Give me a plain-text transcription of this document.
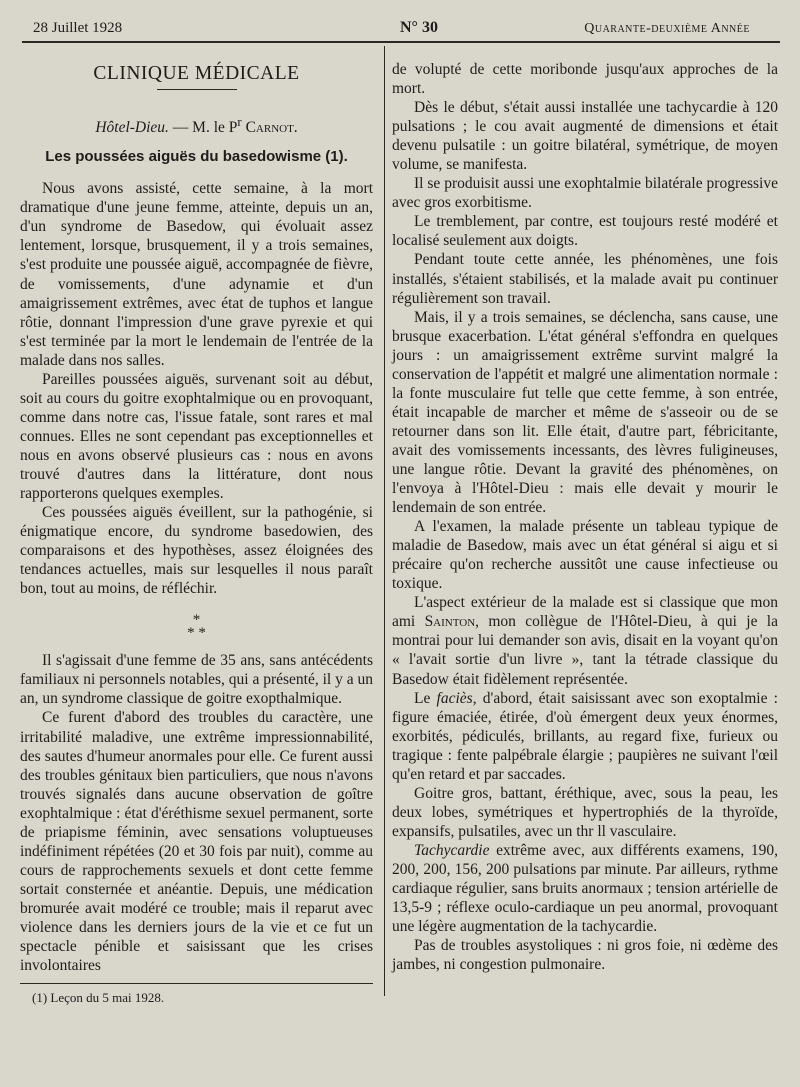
28 Juillet 1928	N° 30	Quarante-deuxième Année
CLINIQUE MÉDICALE
Hôtel-Dieu. — M. le $P^r$ Carnot.
Les poussées aiguës du basedowisme (1).

Nous avons assisté, cette semaine, à la mort dramatique d'une jeune femme, atteinte, depuis un an, d'un syndrome de Basedow, qui évoluait assez lentement, lorsque, brusquement, il y a trois semaines, s'est produite une poussée aiguë, accompagnée de fièvre, de vomissements, d'une adynamie et d'un amaigrissement extrêmes, avec état de tuphos et langue rôtie, donnant l'impression d'une grave pyrexie et qui s'est terminée par la mort le lendemain de l'entrée de la malade dans nos salles.

Pareilles poussées aiguës, survenant soit au début, soit au cours du goitre exophtalmique ou en provoquant, comme dans notre cas, l'issue fatale, sont rares et mal connues. Elles ne sont cependant pas exceptionnelles et nous en avons observé plusieurs cas : nous en avons trouvé d'autres dans la littérature, dont nous rapporterons quelques exemples.

Ces poussées aiguës éveillent, sur la pathogénie, si énigmatique encore, du syndrome basedowien, des comparaisons et des hypothèses, assez éloignées des tendances actuelles, mais sur lesquelles il nous paraît bon, tout au moins, de réfléchir.

*
* *

Il s'agissait d'une femme de 35 ans, sans antécédents familiaux ni personnels notables, qui a présenté, il y a un an, un syndrome classique de goitre exopthalmique.

Ce furent d'abord des troubles du caractère, une irritabilité maladive, une extrême impressionnabilité, des sautes d'humeur anormales pour elle. Ce furent aussi des troubles génitaux bien particuliers, que nous n'avons trouvés signalés dans aucune observation de goître exophtalmique : état d'éréthisme sexuel permanent, sorte de priapisme féminin, avec sensations voluptueuses indéfiniment répétées (20 et 30 fois par nuit), comme au cours de rapprochements sexuels et dont cette femme sortait consternée et anéantie. Depuis, une médication bromurée avait modéré ce trouble; mais il reparut avec violence dans les derniers jours de la vie et ce fut un spectacle pénible et saisissant que les crises involontaires

(1) Leçon du 5 mai 1928.

de volupté de cette moribonde jusqu'aux approches de la mort.

Dès le début, s'était aussi installée une tachycardie à 120 pulsations ; le cou avait augmenté de dimensions et était devenu pulsatile : un goitre bilatéral, symétrique, de moyen volume, se manifesta.

Il se produisit aussi une exophtalmie bilatérale progressive avec gros exorbitisme.

Le tremblement, par contre, est toujours resté modéré et localisé seulement aux doigts.

Pendant toute cette année, les phénomènes, une fois installés, s'étaient stabilisés, et la malade avait pu continuer régulièrement son travail.

Mais, il y a trois semaines, se déclencha, sans cause, une brusque exacerbation. L'état général s'effondra en quelques jours : un amaigrissement extrême survint malgré la conservation de l'appétit et malgré une alimentation normale : la fonte musculaire fut telle que cette femme, à son entrée, était incapable de marcher et même de s'asseoir ou de se retourner dans son lit. Elle était, d'autre part, fébricitante, avait des vomissements incessants, des lèvres fuligineuses, une langue rôtie. Devant la gravité des phénomènes, on l'envoya à l'Hôtel-Dieu : mais elle devait y mourir le lendemain de son entrée.

A l'examen, la malade présente un tableau typique de maladie de Basedow, mais avec un état général si aigu et si précaire qu'on recherche aussitôt une cause infectieuse ou toxique.

L'aspect extérieur de la malade est si classique que mon ami Sainton, mon collègue de l'Hôtel-Dieu, à qui je la montrai pour lui demander son avis, disait en la voyant qu'on « l'avait sortie d'un livre », tant la tétrade classique du Basedow était fidèlement représentée.

Le faciès, d'abord, était saisissant avec son exoptalmie : figure émaciée, étirée, d'où émergent deux yeux énormes, exorbités, pédiculés, brillants, au regard fixe, furieux ou tragique : fente palpébrale élargie ; paupières ne suivant l'œil qu'en retard et par saccades.

Goitre gros, battant, éréthique, avec, sous la peau, les deux lobes, symétriques et hypertrophiés de la thyroïde, expansifs, pulsatiles, avec un thr ll vasculaire.

Tachycardie extrême avec, aux différents examens, 190, 200, 200, 156, 200 pulsations par minute. Par ailleurs, rythme cardiaque régulier, sans bruits anormaux ; tension artérielle de 13,5-9 ; réflexe oculo-cardiaque un peu anormal, provoquant une légère augmentation de la tachycardie.

Pas de troubles asystoliques : ni gros foie, ni œdème des jambes, ni congestion pulmonaire.
